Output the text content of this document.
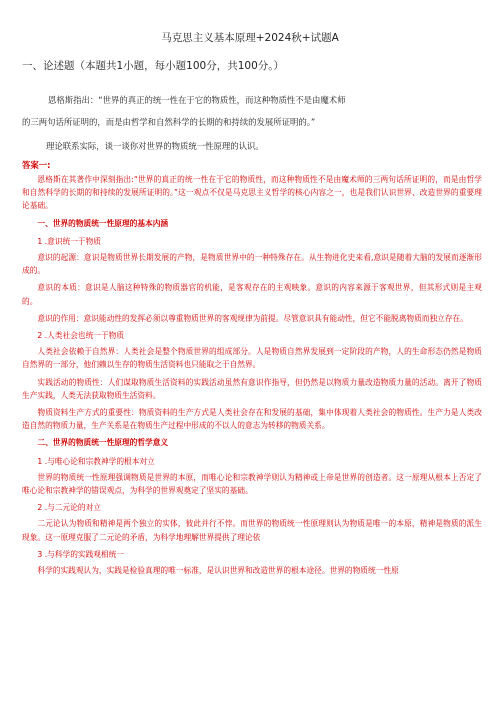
马克思主义基本原理+2024秋+试题A
一、论述题（本题共1小题，每小题100分，共100分。）
恩格斯指出：“世界的真正的统一性在于它的物质性，而这种物质性不是由魔术师
的三两句话所证明的，而是由哲学和自然科学的长期的和持续的发展所证明的。”
理论联系实际，谈一谈你对世界的物质统一性原理的认识。
答案一:

恩格斯在其著作中深刻指出:“世界的真正的统一性在于它的物质性，而这种物质性不是由魔术师的三两句话所证明的，而是由哲学和自然科学的长期的和持续的发展所证明的。”这一观点不仅是马克思主义哲学的核心内容之一，也是我们认识世界、改造世界的重要理论基础。

一、世界的物质统一性原理的基本内涵

1 .意识统一于物质

意识的起源：意识是物质世界长期发展的产物，是物质世界中的一种特殊存在。从生物进化史来看,意识是随着大脑的发展而逐渐形成的。

意识的本质：意识是人脑这种特殊的物质器官的机能，是客观存在的主观映象。意识的内容来源于客观世界，但其形式则是主观的。

意识的作用：意识能动性的发挥必须以尊重物质世界的客观规律为前提。尽管意识具有能动性，但它不能脱离物质而独立存在。

2 .人类社会也统一于物质

人类社会依赖于自然界：人类社会是整个物质世界的组成部分。人是物质自然界发展到一定阶段的产物，人的生命形态仍然是物质自然界的一部分，他们赖以生存的物质生活资料也只能取之于自然界。

实践活动的物质性：人们谋取物质生活资料的实践活动虽然有意识作指导，但仍然是以物质力量改造物质力量的活动。离开了物质生产实践，人类无法获取物质生活资料。

物质资料生产方式的重要性：物质资料的生产方式是人类社会存在和发展的基础，集中体现着人类社会的物质性。生产力是人类改造自然的物质力量，生产关系是在物质生产过程中形成的不以人的意志为转移的物质关系。

二、世界的物质统一性原理的哲学意义

1 .与唯心论和宗教神学的根本对立

世界的物质统一性原理强调物质是世界的本原，而唯心论和宗教神学则认为精神或上帝是世界的创造者。这一原理从根本上否定了唯心论和宗教神学的错误观点，为科学的世界观奠定了坚实的基础。

2 .与二元论的对立

二元论认为物质和精神是两个独立的实体，彼此并行不悖。而世界的物质统一性原理则认为物质是唯一的本原，精神是物质的派生现象。这一原理克服了二元论的矛盾，为科学地理解世界提供了理论依

3 .与科学的实践观相统一

科学的实践观认为，实践是检验真理的唯一标准，是认识世界和改造世界的根本途径。世界的物质统一性原
